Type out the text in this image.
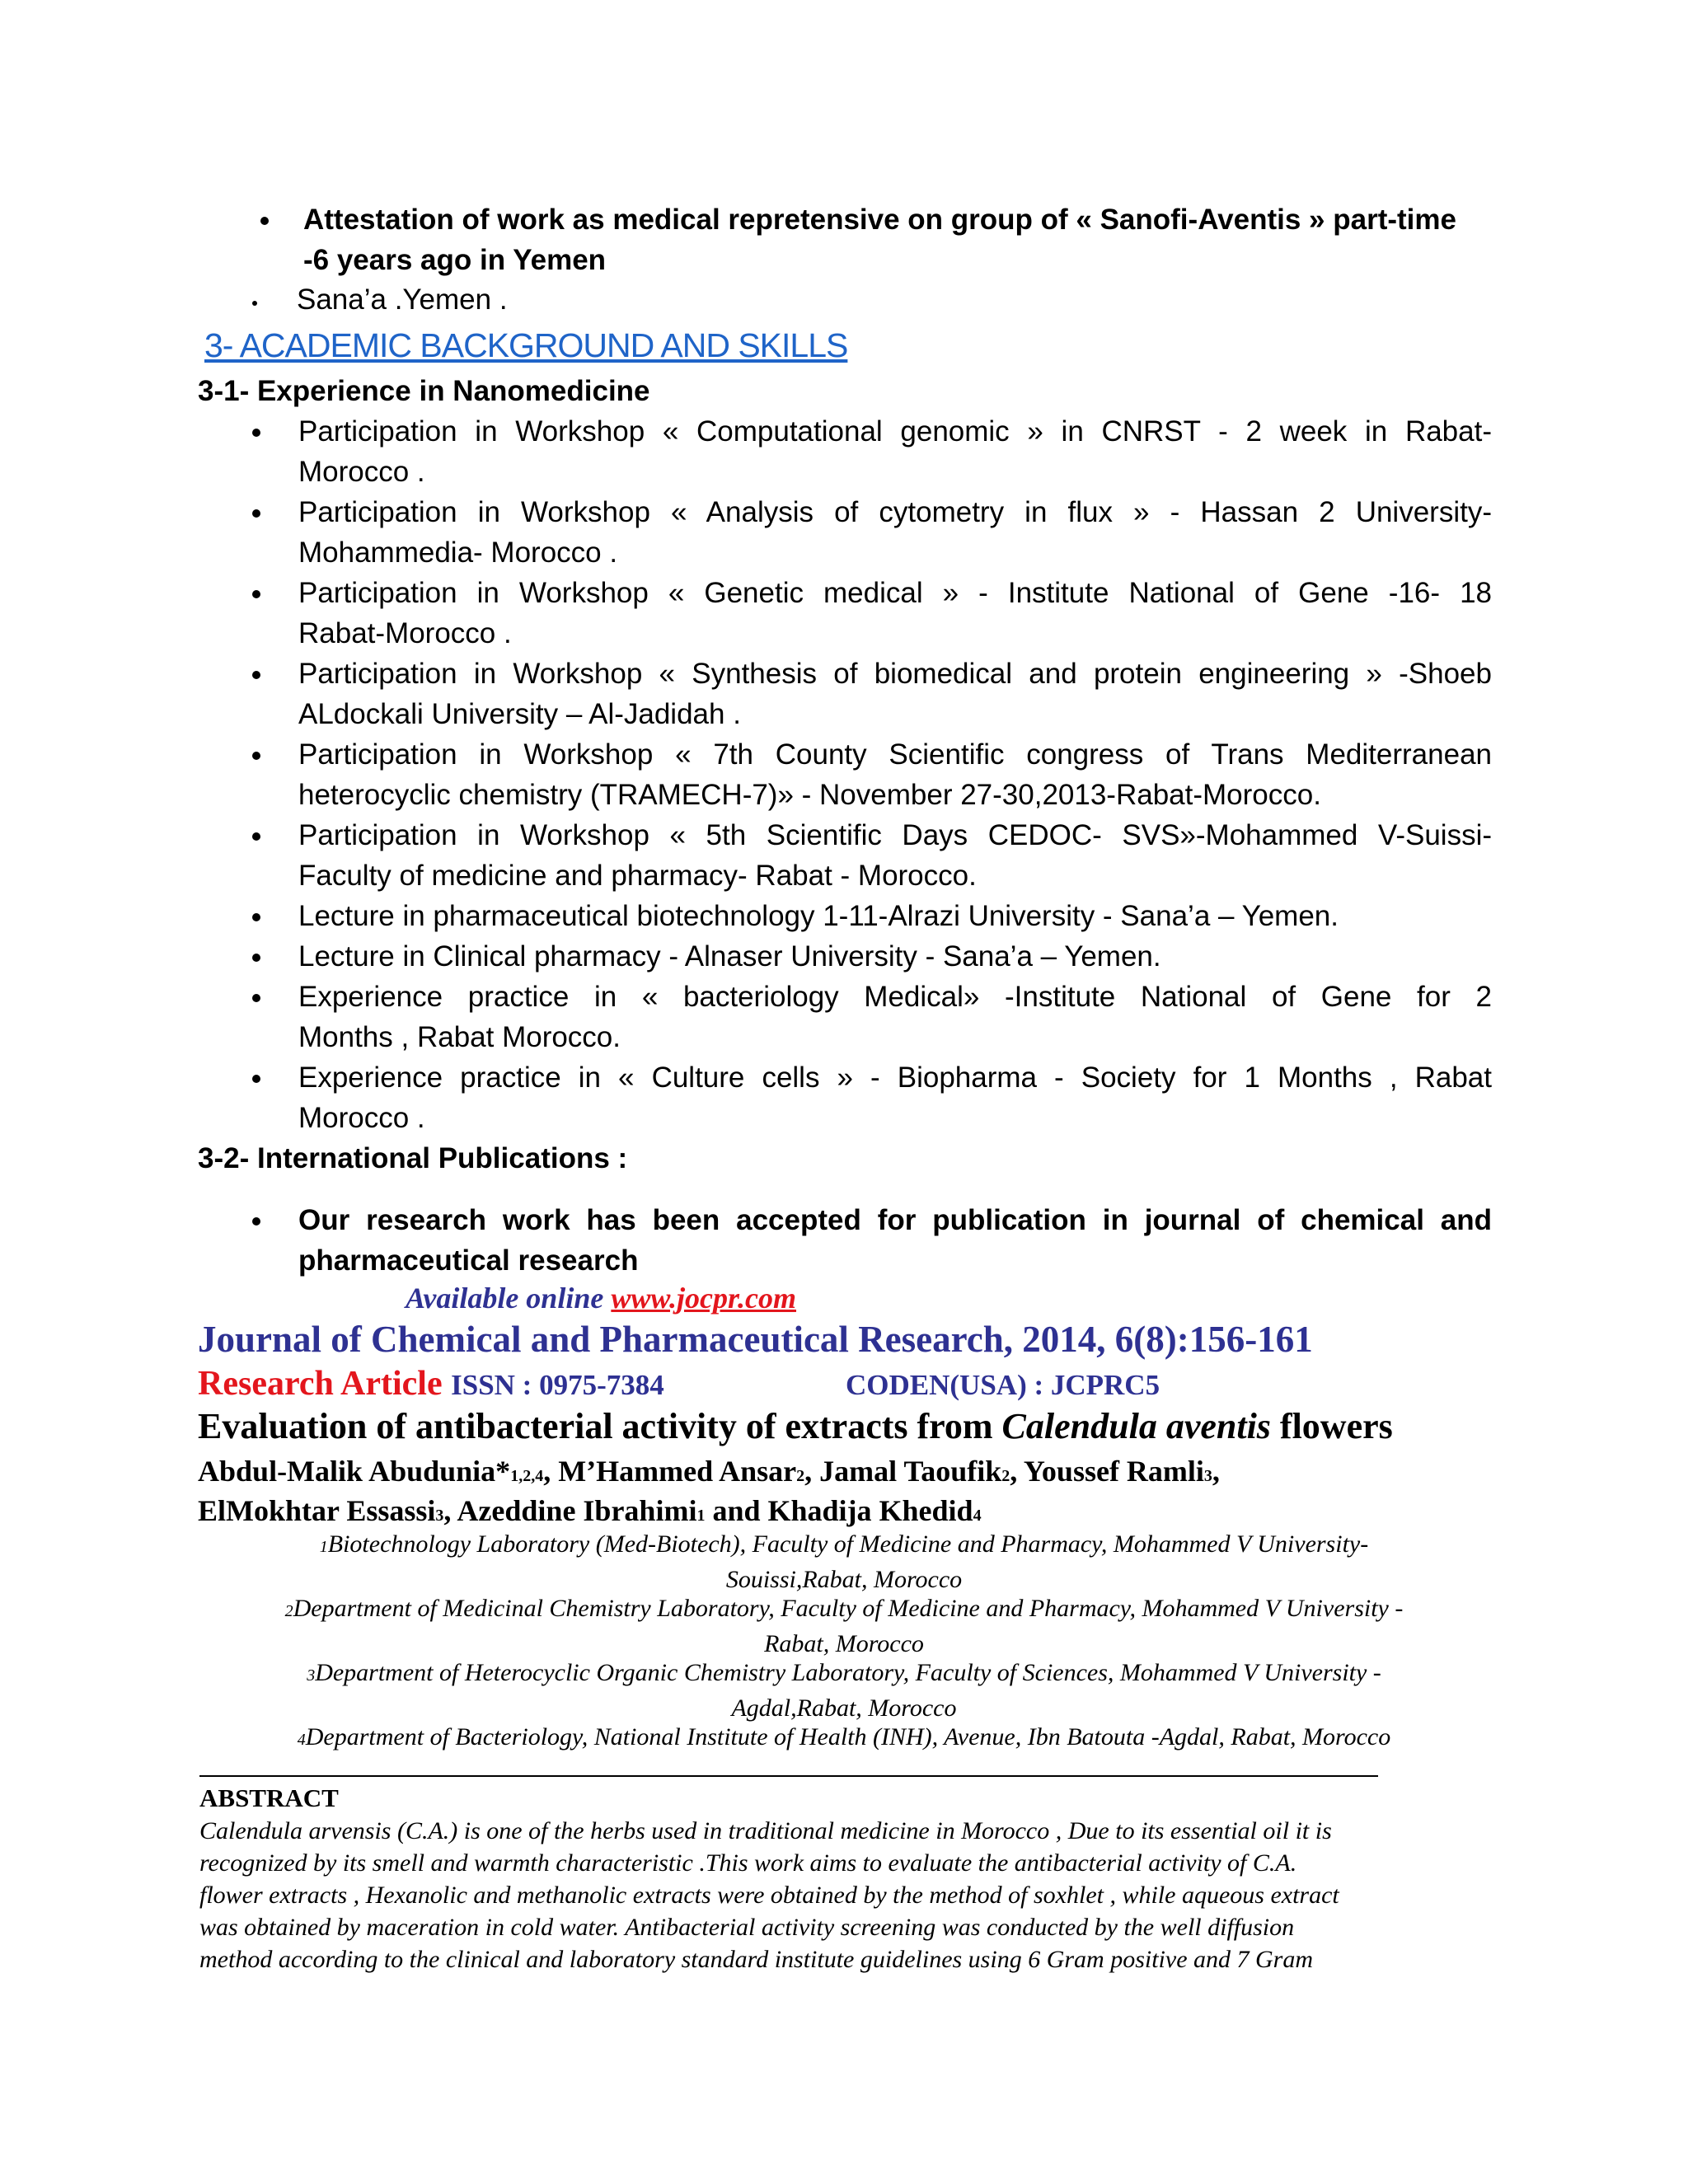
Attestation of work as medical repretensive on group of « Sanofi-Aventis » part-time
-6 years ago in Yemen
Sana’a .Yemen .
3- ACADEMIC BACKGROUND AND SKILLS
3-1- Experience in Nanomedicine
Participation in Workshop « Computational genomic » in CNRST - 2 week in Rabat-
Morocco .
Participation in Workshop « Analysis of cytometry in flux » - Hassan 2 University-
Mohammedia- Morocco .
Participation in Workshop « Genetic medical » - Institute National of Gene -16- 18
Rabat-Morocco .
Participation in Workshop « Synthesis of biomedical and protein engineering » -Shoeb
ALdockali University – Al-Jadidah .
Participation in Workshop « 7th County Scientific congress of Trans Mediterranean
heterocyclic chemistry (TRAMECH-7)» - November 27-30,2013-Rabat-Morocco.
Participation in Workshop « 5th Scientific Days CEDOC- SVS»-Mohammed V-Suissi-
Faculty of medicine and pharmacy- Rabat - Morocco.
Lecture in pharmaceutical biotechnology 1-11-Alrazi University - Sana’a – Yemen.
Lecture in Clinical pharmacy - Alnaser University - Sana’a – Yemen.
Experience practice in « bacteriology Medical» -Institute National of Gene for 2
Months , Rabat Morocco.
Experience practice in « Culture cells » - Biopharma - Society for 1 Months , Rabat
Morocco .
3-2- International Publications :
Our research work has been accepted for publication in journal of chemical and
pharmaceutical research
Available online www.jocpr.com
Journal of Chemical and Pharmaceutical Research, 2014, 6(8):156-161
Research Article ISSN : 0975-7384	CODEN(USA) : JCPRC5
Evaluation of antibacterial activity of extracts from Calendula aventis flowers
Abdul-Malik Abudunia*1,2,4, M’Hammed Ansar2, Jamal Taoufik2, Youssef Ramli3,
ElMokhtar Essassi3, Azeddine Ibrahimi1 and Khadija Khedid4
1Biotechnology Laboratory (Med-Biotech), Faculty of Medicine and Pharmacy, Mohammed V University-
Souissi,Rabat, Morocco
2Department of Medicinal Chemistry Laboratory, Faculty of Medicine and Pharmacy, Mohammed V University -
Rabat, Morocco
3Department of Heterocyclic Organic Chemistry Laboratory, Faculty of Sciences, Mohammed V University -
Agdal,Rabat, Morocco
4Department of Bacteriology, National Institute of Health (INH), Avenue, Ibn Batouta -Agdal, Rabat, Morocco
ABSTRACT
Calendula arvensis (C.A.) is one of the herbs used in traditional medicine in Morocco , Due to its essential oil it is
recognized by its smell and warmth characteristic .This work aims to evaluate the antibacterial activity of C.A.
flower extracts , Hexanolic and methanolic extracts were obtained by the method of soxhlet , while aqueous extract
was obtained by maceration in cold water. Antibacterial activity screening was conducted by the well diffusion
method according to the clinical and laboratory standard institute guidelines using 6 Gram positive and 7 Gram
